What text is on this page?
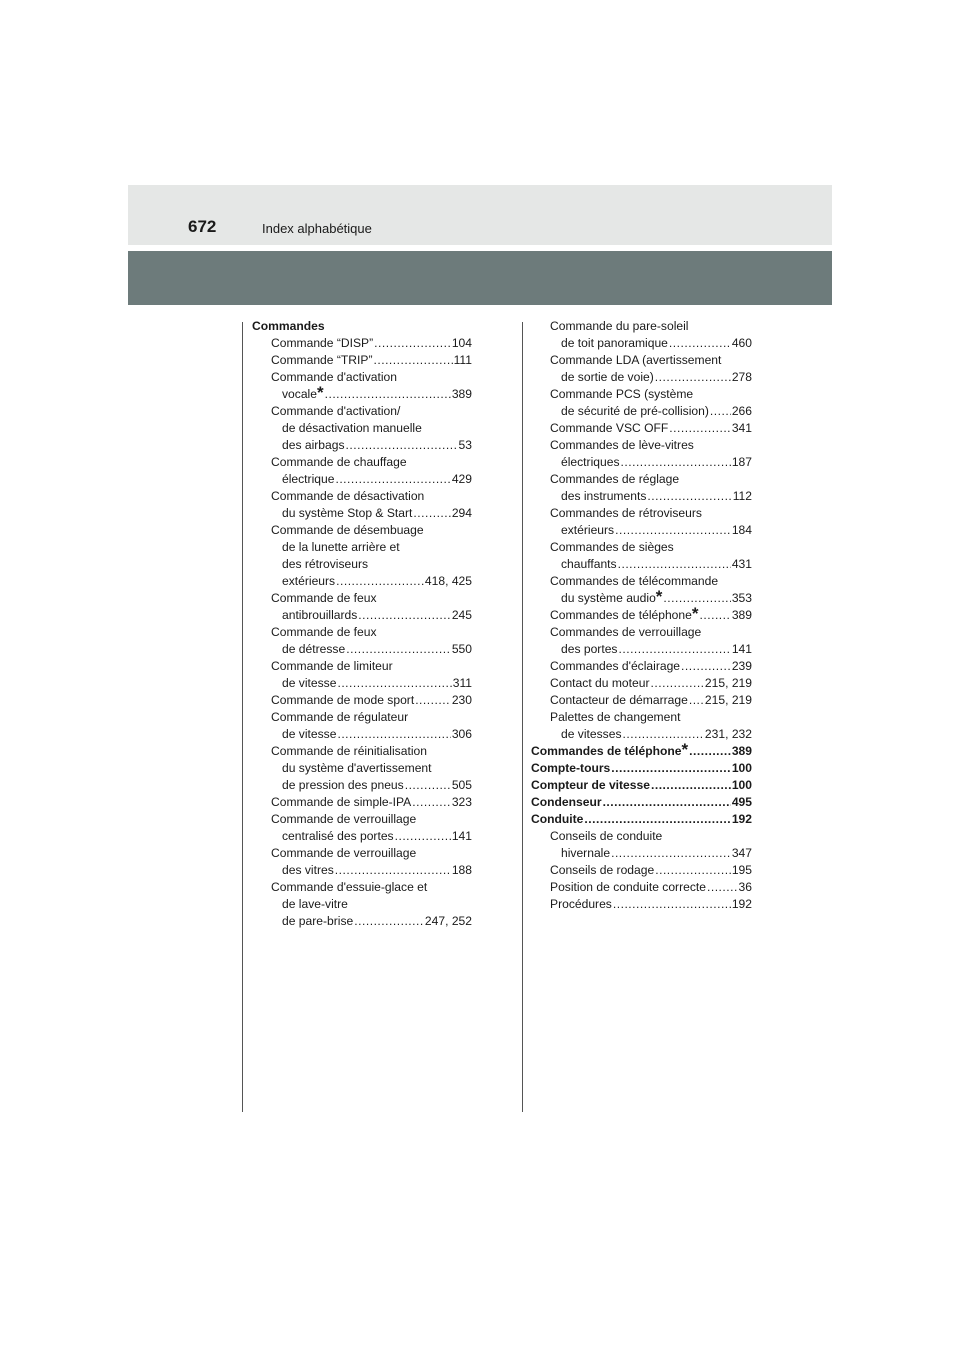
672	Index alphabétique
Commandes
Commande “DISP” .....	104
Commande “TRIP” .....	111
Commande d'activation
vocale * .....	389
Commande d'activation/
de désactivation manuelle
des airbags .....	53
Commande de chauffage
électrique .....	429
Commande de désactivation
du système Stop & Start .....	294
Commande de désembuage
de la lunette arrière et
des rétroviseurs
extérieurs .....	418, 425
Commande de feux
antibrouillards .....	245
Commande de feux
de détresse .....	550
Commande de limiteur
de vitesse .....	311
Commande de mode sport .....	230
Commande de régulateur
de vitesse .....	306
Commande de réinitialisation
du système d'avertissement
de pression des pneus .....	505
Commande de simple-IPA .....	323
Commande de verrouillage
centralisé des portes .....	141
Commande de verrouillage
des vitres .....	188
Commande d'essuie-glace et
de lave-vitre
de pare-brise .....	247, 252
Commande du pare-soleil
de toit panoramique .....	460
Commande LDA (avertissement
de sortie de voie) .....	278
Commande PCS (système
de sécurité de pré-collision) ..... 266
Commande VSC OFF .....	341
Commandes de lève-vitres
électriques .....	187
Commandes de réglage
des instruments .....	112
Commandes de rétroviseurs
extérieurs .....	184
Commandes de sièges
chauffants .....	431
Commandes de télécommande
du système audio * .....	353
Commandes de téléphone * .....	389
Commandes de verrouillage
des portes .....	141
Commandes d'éclairage .....	239
Contact du moteur .....	215, 219
Contacteur de démarrage ..... 215, 219
Palettes de changement
de vitesses .....	231, 232
Commandes de téléphone * .....	389
Compte-tours .....	100
Compteur de vitesse .....	100
Condenseur .....	495
Conduite .....	192
Conseils de conduite
hivernale .....	347
Conseils de rodage .....	195
Position de conduite correcte .....	36
Procédures .....	192
